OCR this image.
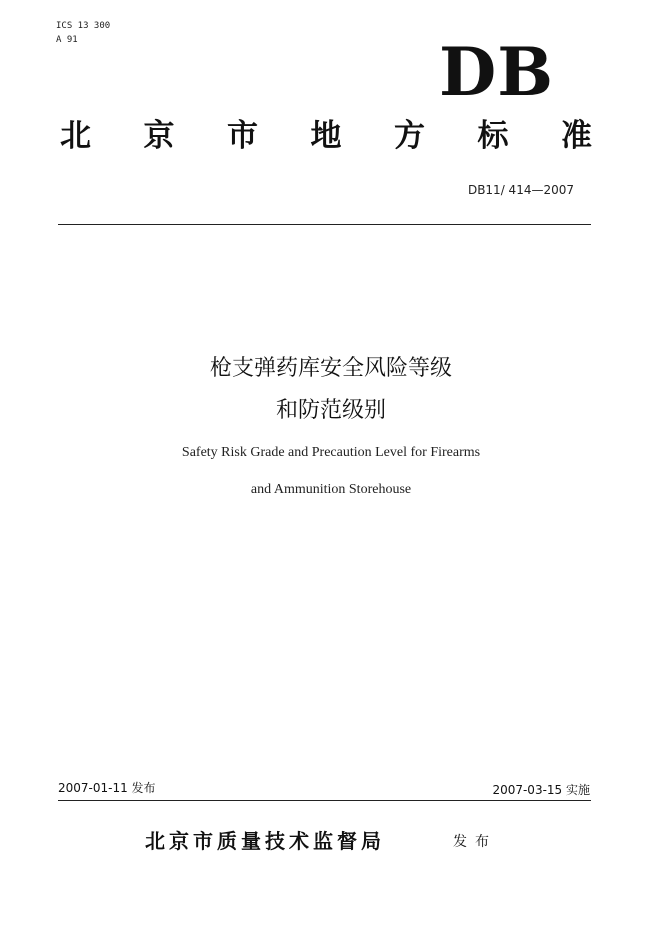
ICS 13 300
A 91	DB
北 京 市 地 方 标 准
DB11/ 414—2007
枪支弹药库安全风险等级
和防范级别
Safety Risk Grade and Precaution Level for Firearms
and Ammunition Storehouse
2007-01-11 发布	2007-03-15 实施
北京市质量技术监督局	发布
